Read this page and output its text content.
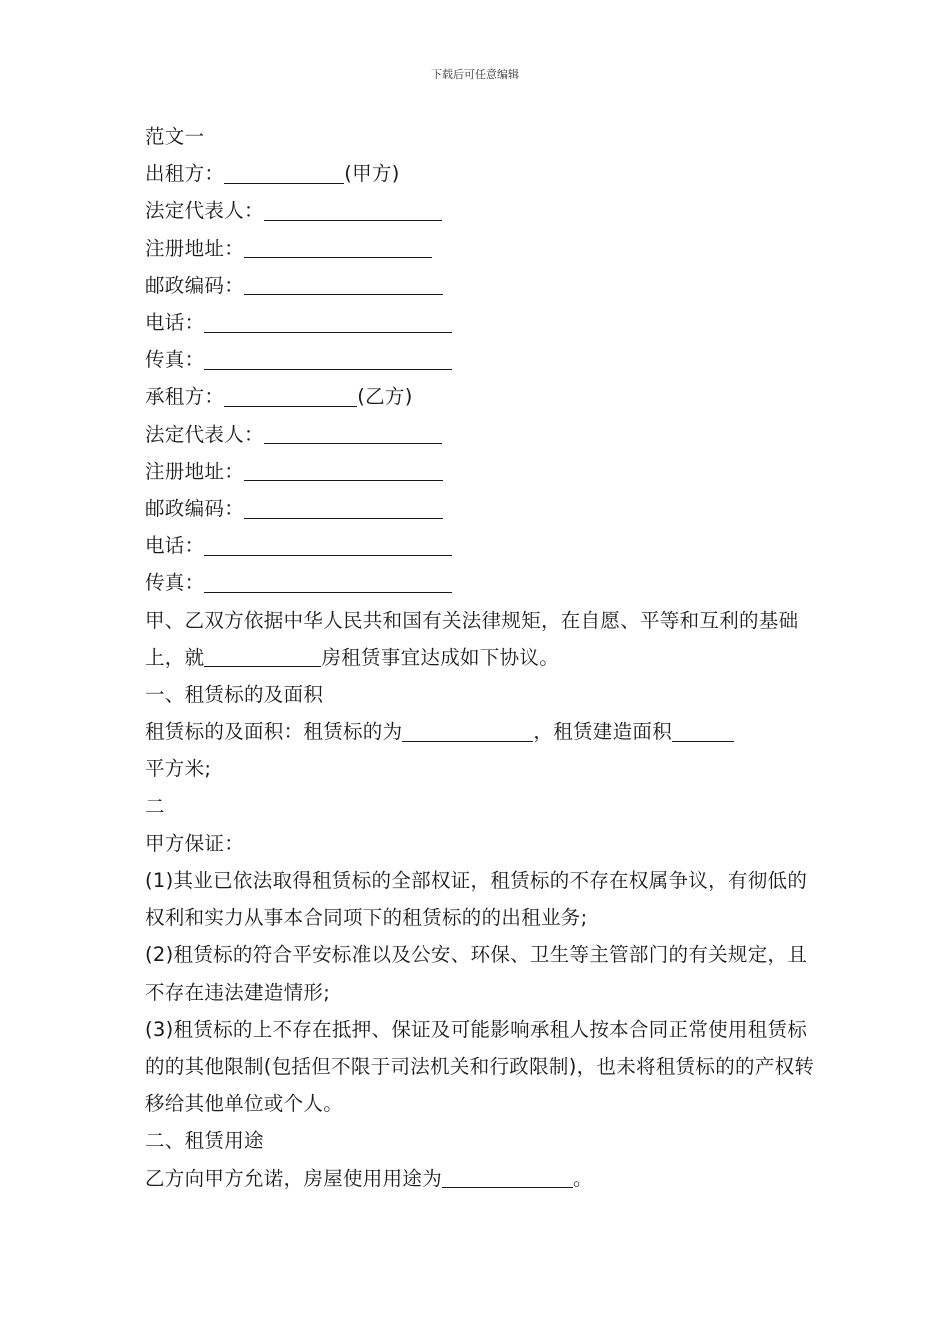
下载后可任意编辑

范文一

出租方：	(甲方)

法定代表人：

注册地址：

邮政编码：

电话：

传真：

承租方：	(乙方)

法定代表人：

注册地址：

邮政编码：

电话：

传真：

甲、乙双方依据中华人民共和国有关法律规矩，在自愿、平等和互利的基础上，就	房租赁事宜达成如下协议。

一、租赁标的及面积

租赁标的及面积：租赁标的为	，租赁建造面积
平方米;

二

甲方保证：

(1)其业已依法取得租赁标的全部权证，租赁标的不存在权属争议，有彻低的权利和实力从事本合同项下的租赁标的的出租业务;

(2)租赁标的符合平安标准以及公安、环保、卫生等主管部门的有关规定，且不存在违法建造情形;

(3)租赁标的上不存在抵押、保证及可能影响承租人按本合同正常使用租赁标的的其他限制(包括但不限于司法机关和行政限制)，也未将租赁标的的产权转移给其他单位或个人。

二、租赁用途

乙方向甲方允诺，房屋使用用途为	。
